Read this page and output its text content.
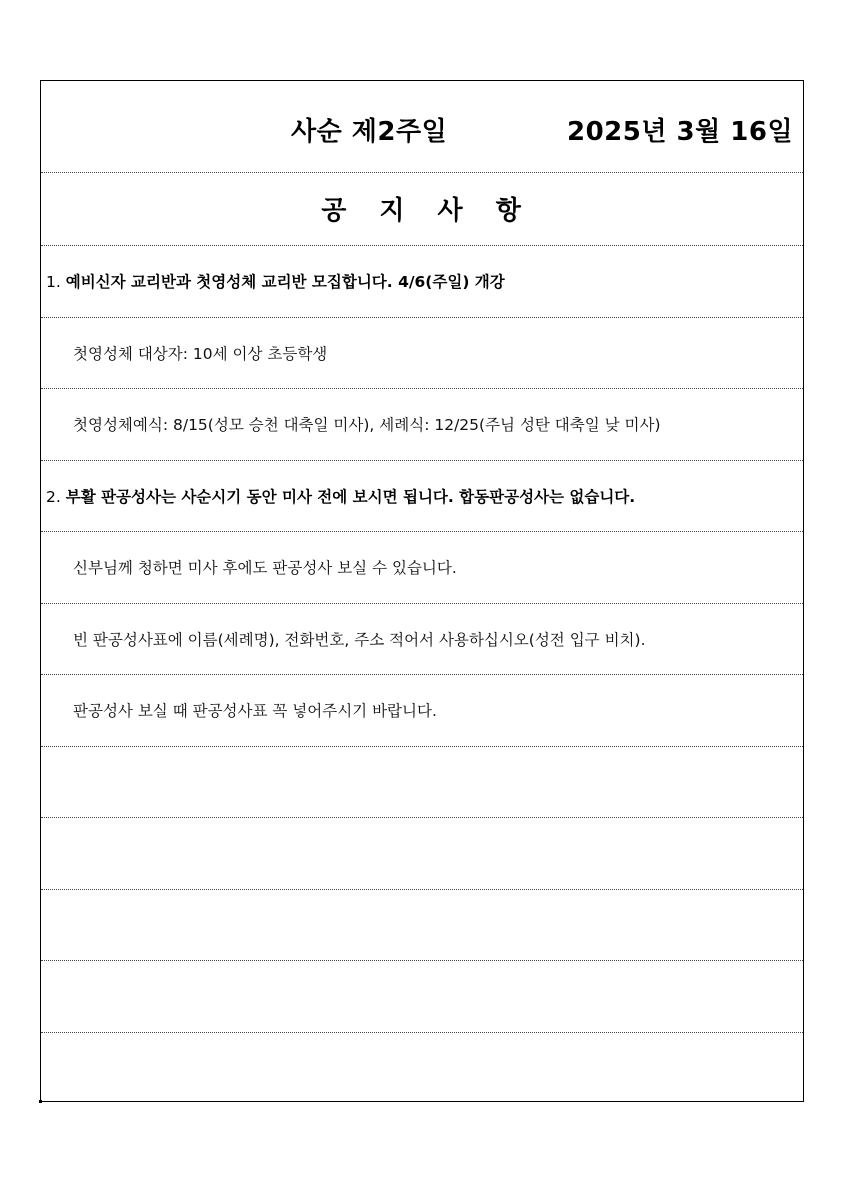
사순 제2주일	2025년 3월 16일
공 지 사 항
1. 예비신자 교리반과 첫영성체 교리반 모집합니다. 4/6(주일) 개강
첫영성체 대상자: 10세 이상 초등학생
첫영성체예식: 8/15(성모 승천 대축일 미사), 세례식: 12/25(주님 성탄 대축일 낮 미사)
2. 부활 판공성사는 사순시기 동안 미사 전에 보시면 됩니다. 합동판공성사는 없습니다.
신부님께 청하면 미사 후에도 판공성사 보실 수 있습니다.
빈 판공성사표에 이름(세례명), 전화번호, 주소 적어서 사용하십시오(성전 입구 비치).
판공성사 보실 때 판공성사표 꼭 넣어주시기 바랍니다.
